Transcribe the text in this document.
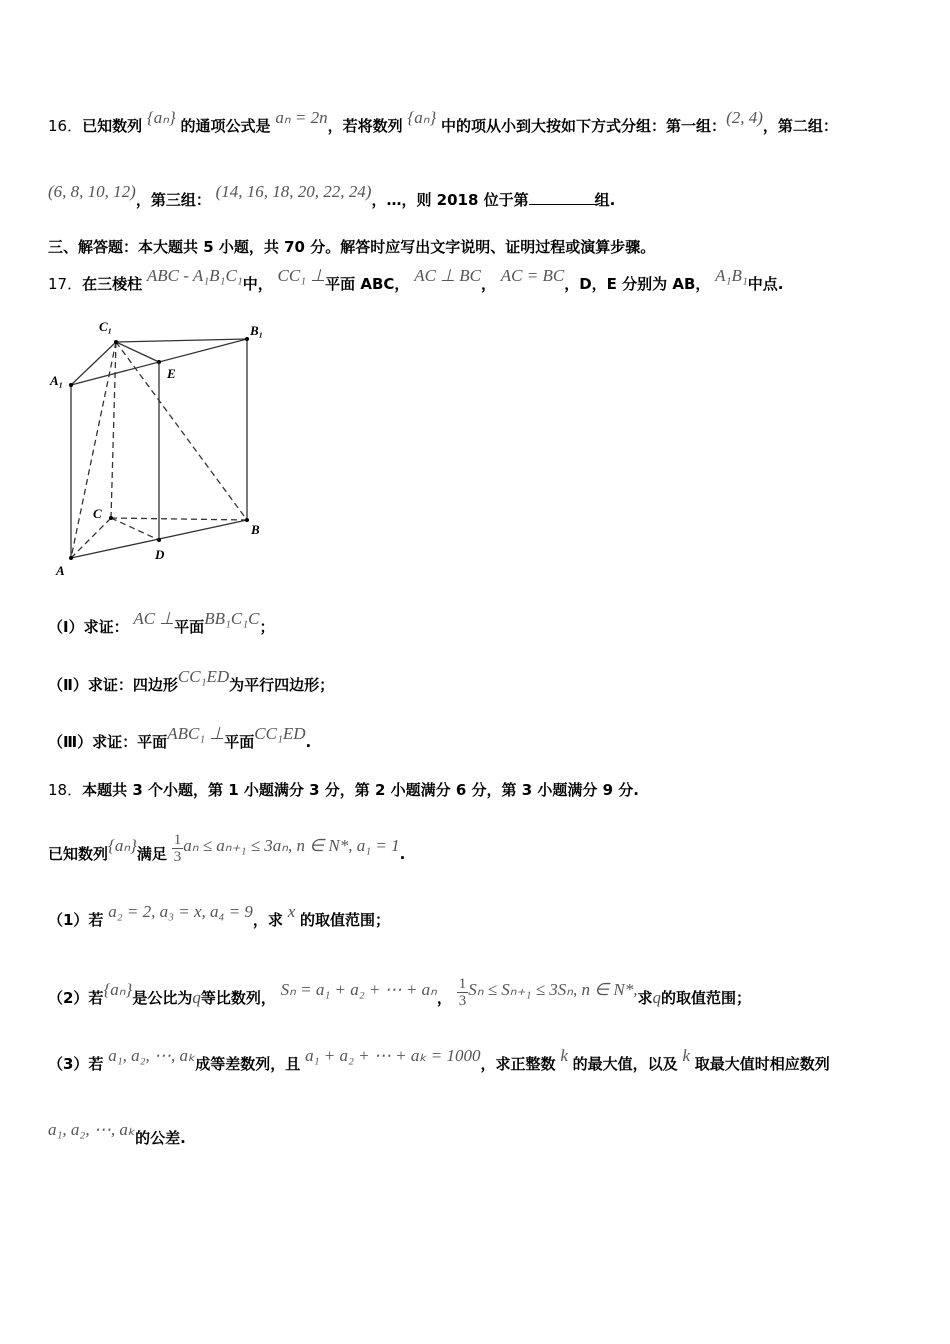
16．已知数列 {aₙ} 的通项公式是 aₙ = 2n，若将数列 {aₙ} 中的项从小到大按如下方式分组：第一组：(2, 4)，第二组：
(6, 8, 10, 12)，第三组： (14, 16, 18, 20, 22, 24)，…，则 2018 位于第	组.
三、解答题：本大题共 5 小题，共 70 分。解答时应写出文字说明、证明过程或演算步骤。
17．在三棱柱 ABC - A₁B₁C₁中， CC₁ ⊥平面 ABC， AC ⊥ BC， AC = BC，D，E 分别为 AB， A₁B₁中点.
A
B
C
D
E
A₁
B₁
C₁
（Ⅰ）求证： AC ⊥平面BB₁C₁C；
（Ⅱ）求证：四边形CC₁ED为平行四边形；
（Ⅲ）求证：平面ABC₁ ⊥平面CC₁ED.
18．本题共 3 个小题，第 1 小题满分 3 分，第 2 小题满分 6 分，第 3 小题满分 9 分.
已知数列{aₙ}满足 $\frac{1}{3}$ aₙ ≤ aₙ₊₁ ≤ 3aₙ, n ∈ N*, a₁ = 1.
（1）若 a₂ = 2, a₃ = x, a₄ = 9，求 x 的取值范围；
（2）若{aₙ}是公比为q等比数列， Sₙ = a₁ + a₂ + ⋯ + aₙ， $\frac{1}{3}$ Sₙ ≤ Sₙ₊₁ ≤ 3Sₙ, n ∈ N*,求q的取值范围；
（3）若 a₁, a₂, ⋯, aₖ成等差数列，且 a₁ + a₂ + ⋯ + aₖ = 1000，求正整数 k 的最大值，以及 k 取最大值时相应数列
a₁, a₂, ⋯, aₖ的公差.
